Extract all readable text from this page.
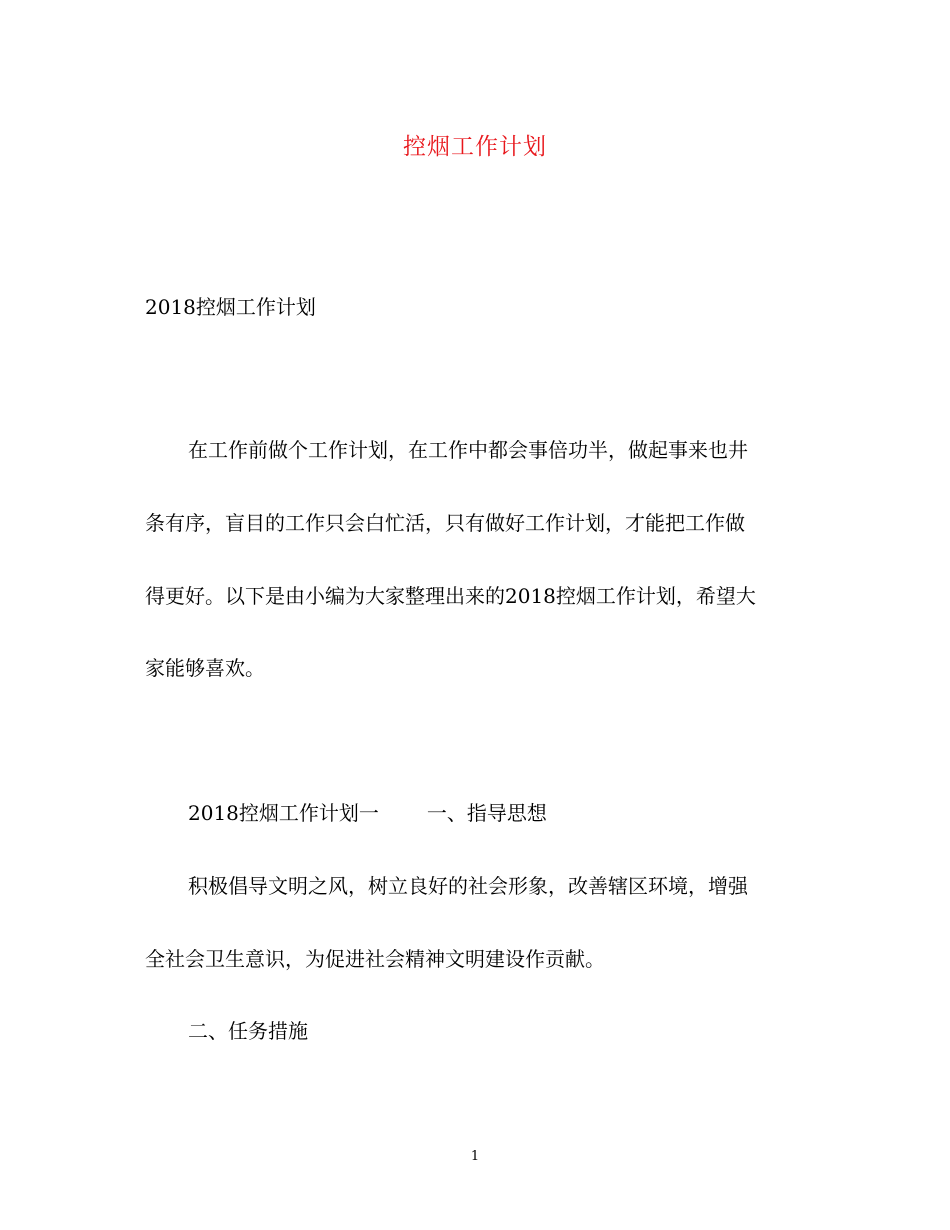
控烟工作计划
2018控烟工作计划
在工作前做个工作计划，在工作中都会事倍功半，做起事来也井
条有序，盲目的工作只会白忙活，只有做好工作计划，才能把工作做
得更好。以下是由小编为大家整理出来的2018控烟工作计划，希望大
家能够喜欢。
2018控烟工作计划一 一、指导思想
积极倡导文明之风，树立良好的社会形象，改善辖区环境，增强
全社会卫生意识，为促进社会精神文明建设作贡献。
二、任务措施
1
